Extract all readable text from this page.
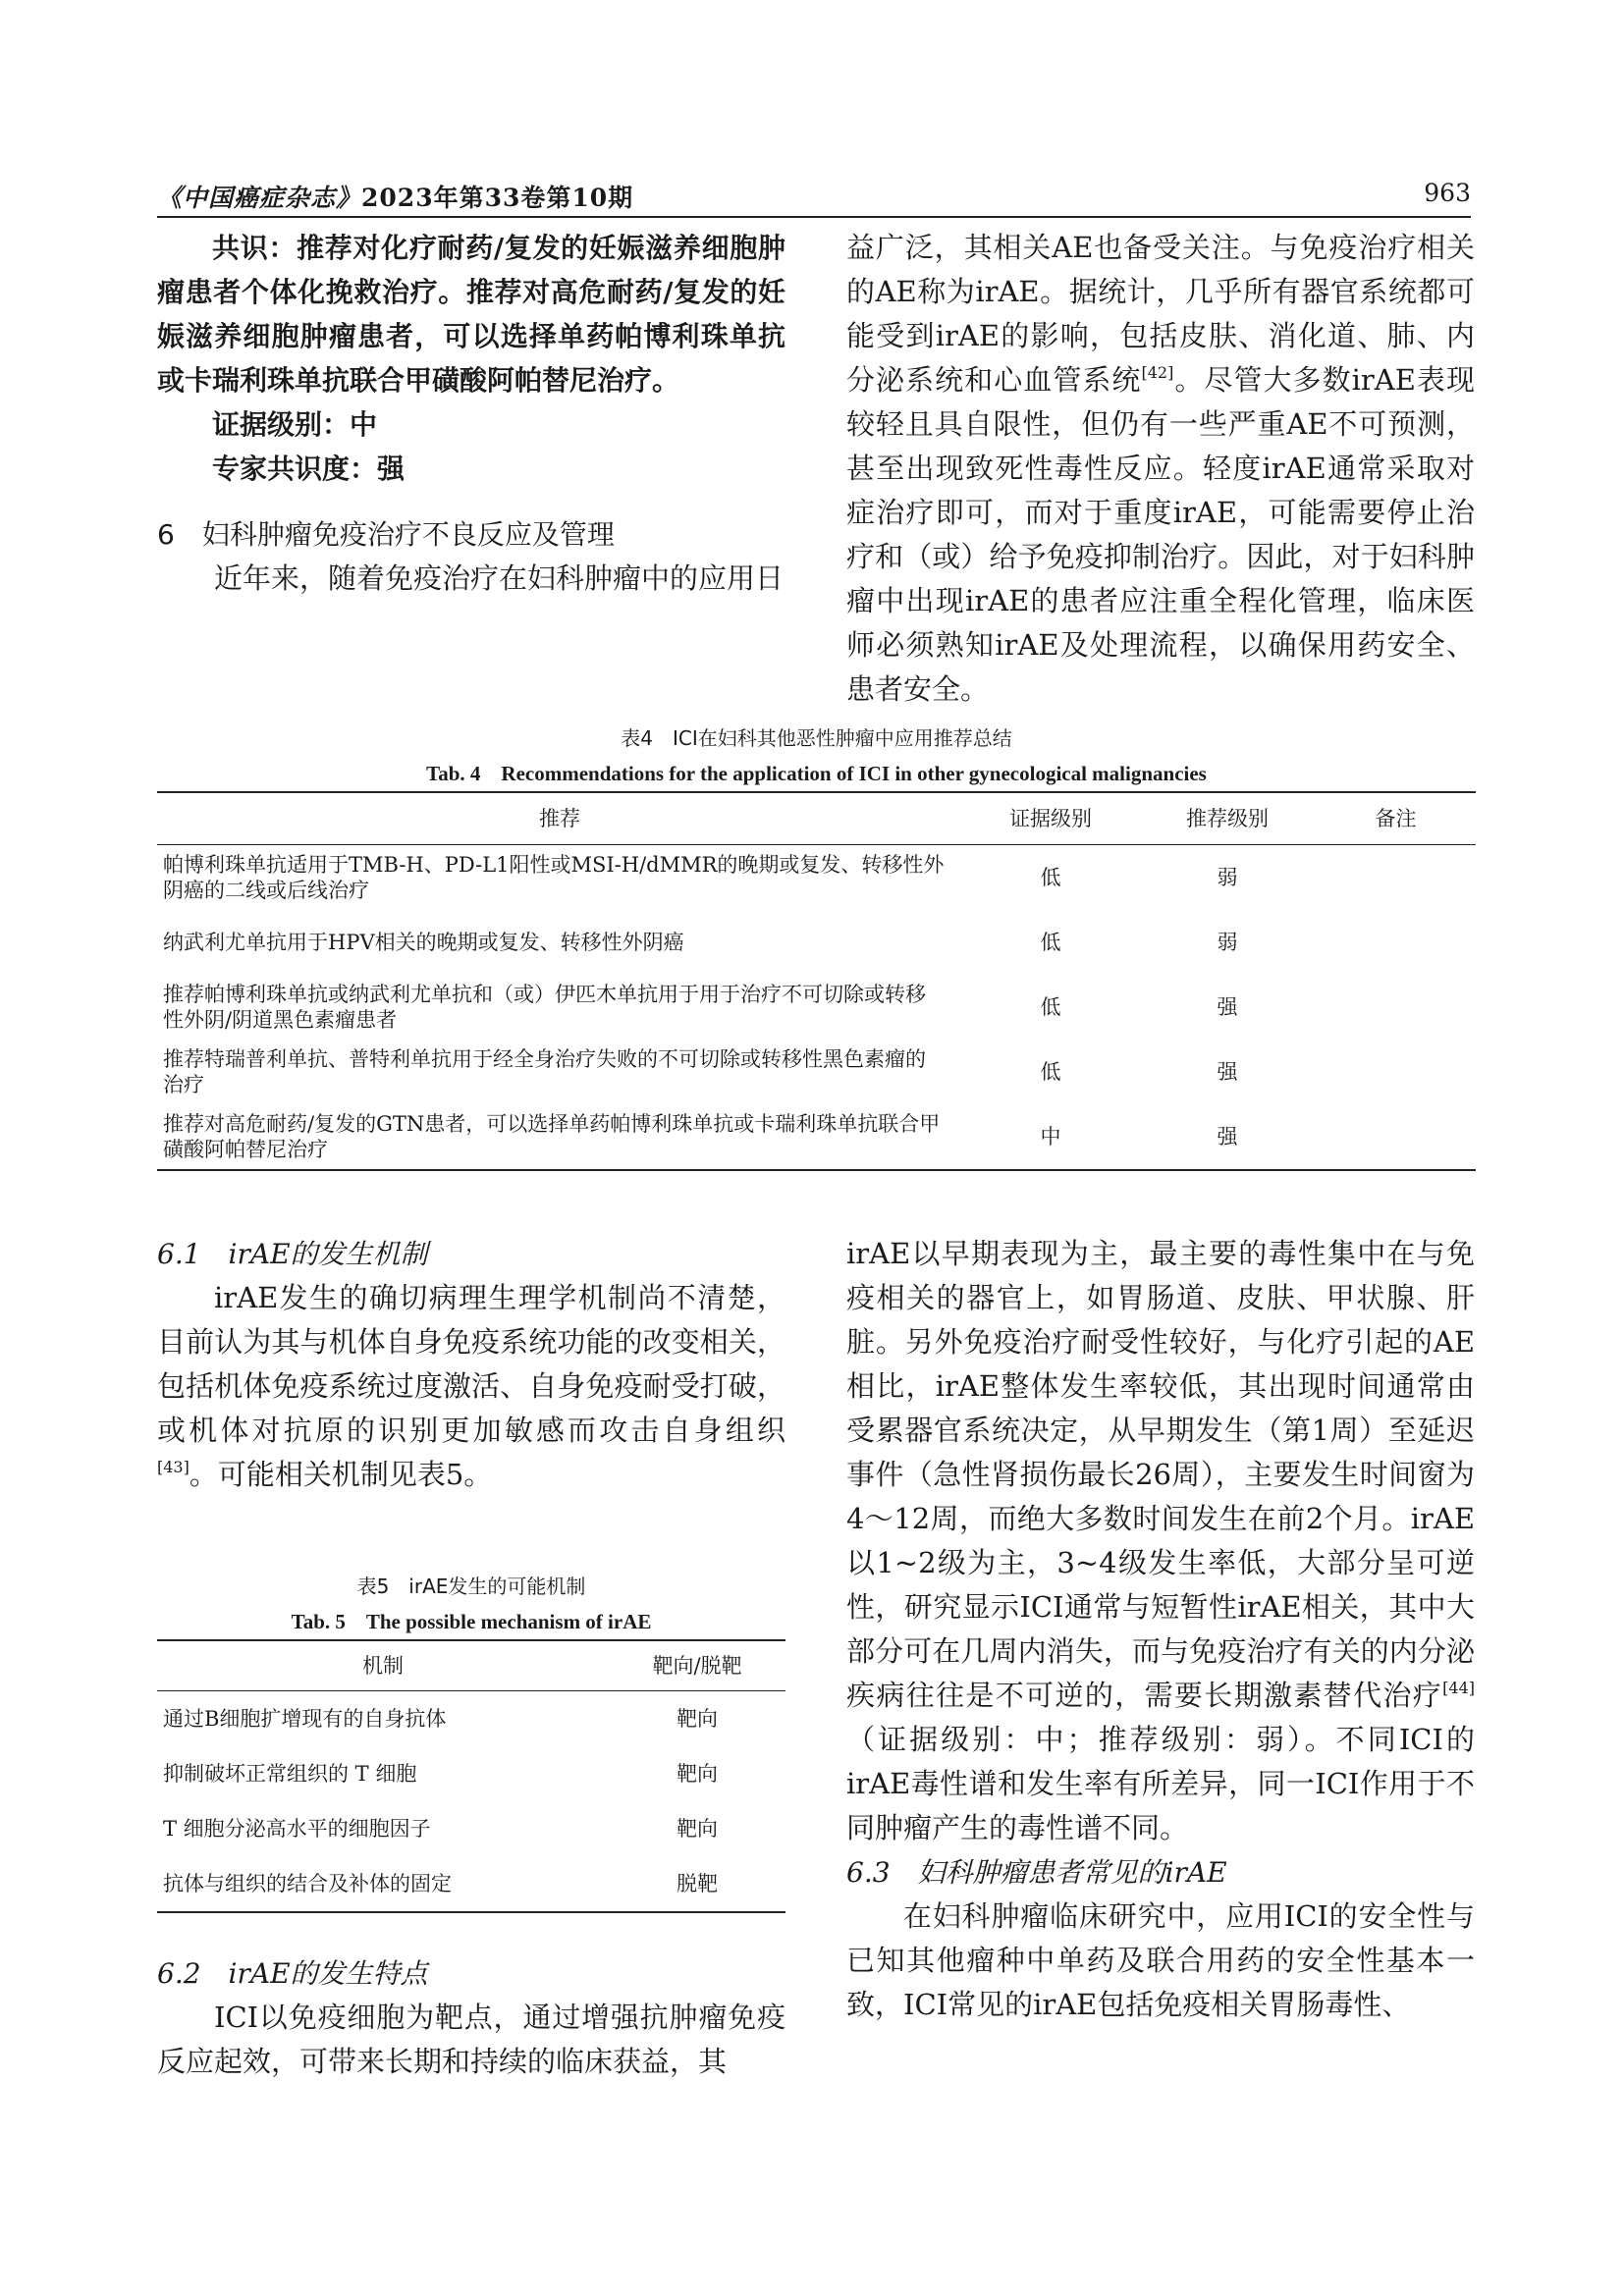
《中国癌症杂志》2023年第33卷第10期	963

共识：推荐对化疗耐药/复发的妊娠滋养细胞肿瘤患者个体化挽救治疗。推荐对高危耐药/复发的妊娠滋养细胞肿瘤患者，可以选择单药帕博利珠单抗或卡瑞利珠单抗联合甲磺酸阿帕替尼治疗。

证据级别：中

专家共识度：强

6　妇科肿瘤免疫治疗不良反应及管理

近年来，随着免疫治疗在妇科肿瘤中的应用日

益广泛，其相关AE也备受关注。与免疫治疗相关的AE称为irAE。据统计，几乎所有器官系统都可能受到irAE的影响，包括皮肤、消化道、肺、内分泌系统和心血管系统[42]。尽管大多数irAE表现较轻且具自限性，但仍有一些严重AE不可预测，甚至出现致死性毒性反应。轻度irAE通常采取对症治疗即可，而对于重度irAE，可能需要停止治疗和（或）给予免疫抑制治疗。因此，对于妇科肿瘤中出现irAE的患者应注重全程化管理，临床医师必须熟知irAE及处理流程，以确保用药安全、患者安全。

表4　ICI在妇科其他恶性肿瘤中应用推荐总结
Tab. 4　Recommendations for the application of ICI in other gynecological malignancies
推荐	证据级别	推荐级别	备注
帕博利珠单抗适用于TMB-H、PD-L1阳性或MSI-H/dMMR的晚期或复发、转移性外阴癌的二线或后线治疗	低	弱	
纳武利尤单抗用于HPV相关的晚期或复发、转移性外阴癌	低	弱	
推荐帕博利珠单抗或纳武利尤单抗和（或）伊匹木单抗用于用于治疗不可切除或转移性外阴/阴道黑色素瘤患者	低	强	
推荐特瑞普利单抗、普特利单抗用于经全身治疗失败的不可切除或转移性黑色素瘤的治疗	低	强	
推荐对高危耐药/复发的GTN患者，可以选择单药帕博利珠单抗或卡瑞利珠单抗联合甲磺酸阿帕替尼治疗	中	强	

6.1　irAE的发生机制

irAE发生的确切病理生理学机制尚不清楚，目前认为其与机体自身免疫系统功能的改变相关，包括机体免疫系统过度激活、自身免疫耐受打破，或机体对抗原的识别更加敏感而攻击自身组织[43]。可能相关机制见表5。

表5　irAE发生的可能机制
Tab. 5　The possible mechanism of irAE
机制	靶向/脱靶
通过B细胞扩增现有的自身抗体	靶向
抑制破坏正常组织的 T 细胞	靶向
T 细胞分泌高水平的细胞因子	靶向
抗体与组织的结合及补体的固定	脱靶

6.2　irAE的发生特点

ICI以免疫细胞为靶点，通过增强抗肿瘤免疫反应起效，可带来长期和持续的临床获益，其

irAE以早期表现为主，最主要的毒性集中在与免疫相关的器官上，如胃肠道、皮肤、甲状腺、肝脏。另外免疫治疗耐受性较好，与化疗引起的AE相比，irAE整体发生率较低，其出现时间通常由受累器官系统决定，从早期发生（第1周）至延迟事件（急性肾损伤最长26周），主要发生时间窗为4～12周，而绝大多数时间发生在前2个月。irAE以1~2级为主，3~4级发生率低，大部分呈可逆性，研究显示ICI通常与短暂性irAE相关，其中大部分可在几周内消失，而与免疫治疗有关的内分泌疾病往往是不可逆的，需要长期激素替代治疗[44]（证据级别：中；推荐级别：弱）。不同ICI的irAE毒性谱和发生率有所差异，同一ICI作用于不同肿瘤产生的毒性谱不同。

6.3　妇科肿瘤患者常见的irAE

在妇科肿瘤临床研究中，应用ICI的安全性与已知其他瘤种中单药及联合用药的安全性基本一致，ICI常见的irAE包括免疫相关胃肠毒性、
